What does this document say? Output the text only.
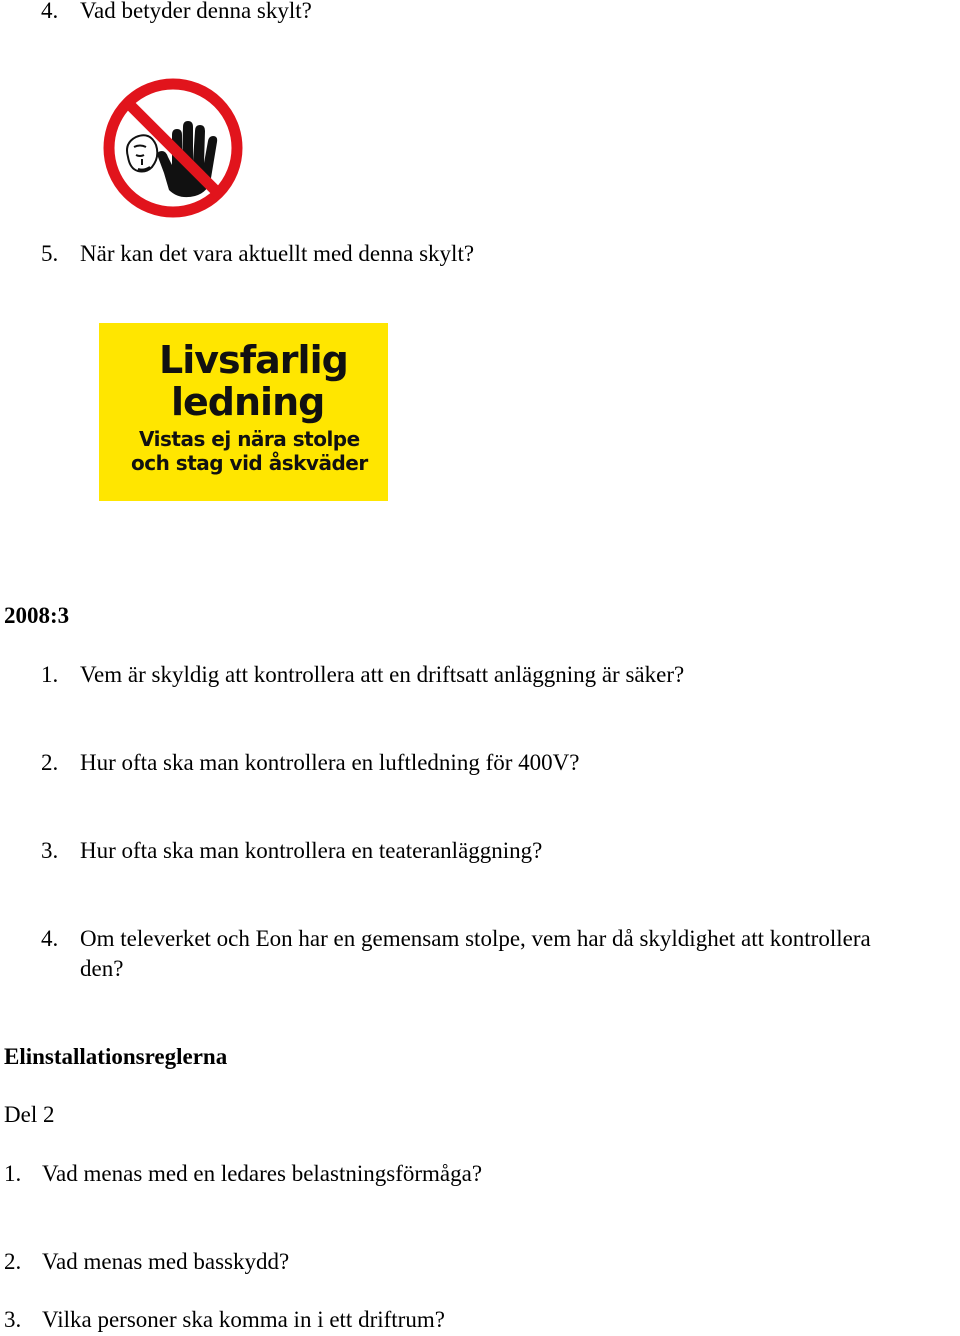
4. Vad betyder denna skylt?
5. När kan det vara aktuellt med denna skylt?
Livsfarlig
ledning
Vistas ej nära stolpe
och stag vid åskväder
2008:3
1. Vem är skyldig att kontrollera att en driftsatt anläggning är säker?
2. Hur ofta ska man kontrollera en luftledning för 400V?
3. Hur ofta ska man kontrollera en teateranläggning?
4. Om televerket och Eon har en gemensam stolpe, vem har då skyldighet att kontrollera
den?
Elinstallationsreglerna
Del 2
1. Vad menas med en ledares belastningsförmåga?
2. Vad menas med basskydd?
3. Vilka personer ska komma in i ett driftrum?
